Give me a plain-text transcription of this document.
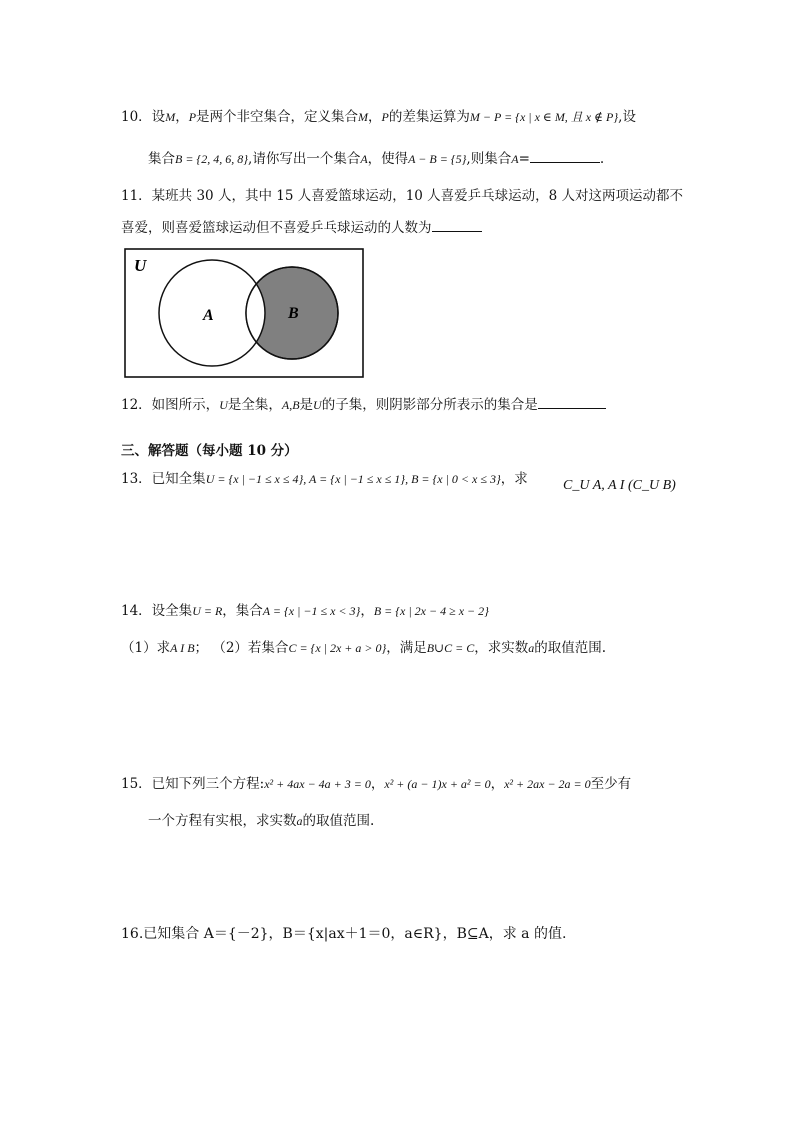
10．设M，P是两个非空集合，定义集合M，P的差集运算为M − P = {x | x ∈ M, 且 x ∉ P},设
集合B = {2, 4, 6, 8},请你写出一个集合A，使得A − B = {5},则集合A=	.
11．某班共 30 人，其中 15 人喜爱篮球运动，10 人喜爱乒乓球运动，8 人对这两项运动都不
喜爱，则喜爱篮球运动但不喜爱乒乓球运动的人数为
U
A	B
12．如图所示，U是全集，A,B是U的子集，则阴影部分所表示的集合是
三、解答题（每小题 10 分）
13．已知全集U = {x | −1 ≤ x ≤ 4}, A = {x | −1 ≤ x ≤ 1}, B = {x | 0 < x ≤ 3}，求	C_U A, A I (C_U B)
14．设全集U = R，集合A = {x | −1 ≤ x < 3}，B = {x | 2x − 4 ≥ x − 2}
（1）求A I B； （2）若集合C = {x | 2x + a > 0}，满足B∪C = C，求实数a的取值范围.
15．已知下列三个方程:x² + 4ax − 4a + 3 = 0，x² + (a − 1)x + a² = 0，x² + 2ax − 2a = 0至少有
一个方程有实根，求实数a的取值范围.
16.已知集合 A＝{－2}，B＝{x|ax＋1＝0，a∈R}，B⊆A，求 a 的值.
